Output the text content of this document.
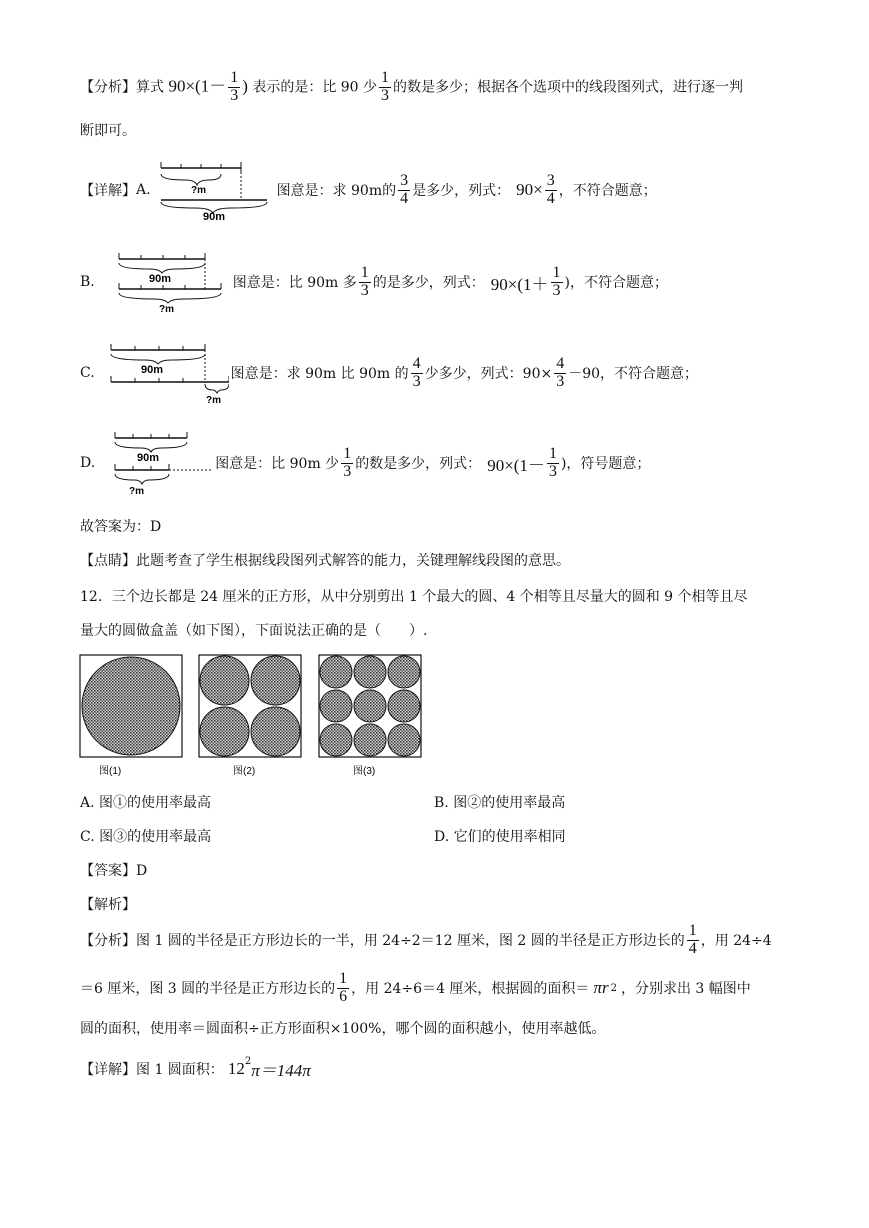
【分析】算式 $90\times(1- \frac{1}{3}$ ) 表示的是：比 90 少 $\frac{1}{3}$ 的数是多少；根据各个选项中的线段图列式，进行逐一判
断即可。
【详解】 A.	?m
90m
图意是：求 90m的 $\frac{3}{4}$ 是多少，列式： $90\times \frac{3}{4}$ ，不符合题意；
B.	90m
?m
图意是：比 90m 多 $\frac{1}{3}$ 的是多少，列式： $90\times(1+ \frac{1}{3}$ )，不符合题意；
C.	90m
?m
图意是：求 90m 比 90m 的 $\frac{4}{3}$ 少多少，列式：$90\times \frac{4}{3} -90$，不符合题意；
D.	90m
?m
图意是：比 90m 少 $\frac{1}{3}$ 的数是多少，列式： $90\times(1- \frac{1}{3}$ )，符号题意；
故答案为：D
【点睛】此题考查了学生根据线段图列式解答的能力，关键理解线段图的意思。
12．三个边长都是 24 厘米的正方形，从中分别剪出 1 个最大的圆、4 个相等且尽量大的圆和 9 个相等且尽
量大的圆做盒盖（如下图），下面说法正确的是（　　）.
图(1)	图(2)	图(3)
A. 图①的使用率最高	B. 图②的使用率最高
C. 图③的使用率最高	D. 它们的使用率相同
【答案】D
【解析】
【分析】图 1 圆的半径是正方形边长的一半，用 24÷2＝12 厘米，图 2 圆的半径是正方形边长的 $\frac{1}{4}$ ，用 24÷4
＝6 厘米，图 3 圆的半径是正方形边长的 $\frac{1}{6}$ ，用 24÷6＝4 厘米，根据圆的面积＝ πr 2 ，分别求出 3 幅图中
圆的面积，使用率＝圆面积÷正方形面积×100%，哪个圆的面积越小，使用率越低。
【详解】图 1 圆面积： $12^2$ π＝144π
